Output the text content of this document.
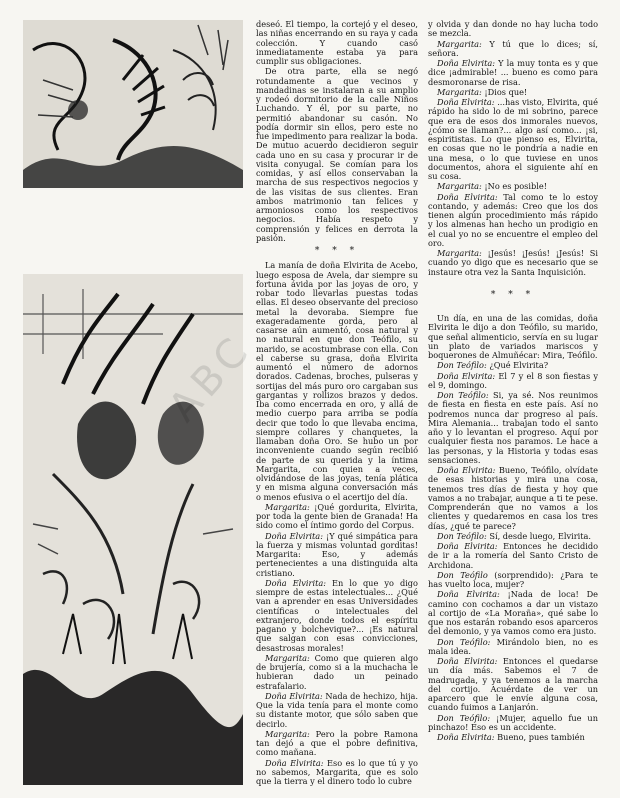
deseó. El tiempo, la cortejó y el deseo, las niñas encerrando en su raya y cada colección. Y cuando casó inmediatamente estaba ya para cumplir sus obligaciones.
De otra parte, ella se negó rotundamente a que vecinos y mandadinas se instalaran a su amplio y rodeó dormitorio de la calle Niños Luchando. Y él, por su parte, no permitió abandonar su casón. No podía dormir sin ellos, pero este no fue impedimento para realizar la boda. De mutuo acuerdo decidieron seguir cada uno en su casa y procurar ir de visita conyugal. Se comían para los comidas, y así ellos conservaban la marcha de sus respectivos negocios y de las visitas de sus clientes. Eran ambos matrimonio tan felices y armoniosos como los respectivos negocios. Había respeto y comprensión y felices en derrota la pasión.
* * *
La manía de doña Elvirita de Acebo, luego esposa de Avela, dar siempre su fortuna ávida por las joyas de oro, y robar todo llevarlas puestas todas ellas. El deseo observante del precioso metal la devoraba. Siempre fue exageradamente gorda, pero al casarse aún aumentó, cosa natural y no natural en que don Teófilo, su marido, se acostumbrase con ella. Con el caberse su grasa, doña Elvirita aumentó el número de adornos dorados. Cadenas, broches, pulseras y sortijas del más puro oro cargaban sus gargantas y rollizos brazos y dedos. Iba como encerrada en oro, y allá de medio cuerpo para arriba se podía decir que todo lo que llevaba encima, siempre collares y chanquetes, la llamaban doña Oro. Se hubo un por inconveniente cuando según recibió de parte de su querida y la íntima Margarita, con quien a veces, olvidándose de las joyas, tenía plática y en misma alguna conversación más o menos efusiva o el acertijo del día.
Margarita: ¡Qué gordurita, Elvirita, por toda la gente bien de Granada! Ha sido como el íntimo gordo del Corpus.
Doña Elvirita: ¡Y qué simpática para la fuerza y mismas voluntad gorditas! Margarita: Eso, y además pertenecientes a una distinguida alta cristiano.
Doña Elvirita: En lo que yo digo siempre de estas intelectuales... ¿Qué van a aprender en esas Universidades científicas o intelectuales del extranjero, donde todos el espíritu pagano y bolchevique?... ¡Es natural que salgan con esas convicciones, desastrosas morales!
Margarita: Como que quieren algo de brujería, como si a la muchacha le hubieran dado un peinado estrafalario.
Doña Elvirita: Nada de hechizo, hija. Que la vida tenía para el monte como su distante motor, que sólo saben que decirlo.
Margarita: Pero la pobre Ramona tan dejó a que el pobre definitiva, como mañana.
Doña Elvirita: Eso es lo que tú y yo no sabemos, Margarita, que es solo que la tierra y el dinero todo lo cubre
y olvida y dan donde no hay lucha todo se mezcla.
Margarita: Y tú que lo dices; sí, señora.
Doña Elvirita: Y la muy tonta es y que dice ¡admirable! ... bueno es como para desmoronarse de risa.
Margarita: ¡Dios que!
Doña Elvirita: ...has visto, Elvirita, qué rápido ha sido lo de mi sobrino, parece que era de esos dos inmorales nuevos, ¿cómo se llaman?... algo así como... ¡si, espiritistas. Lo que pienso es, Elvirita, en cosas que no le pondría a nadie en una mesa, o lo que tuviese en unos documentos, ahora el siguiente ahí en su cosa.
Margarita: ¡No es posible!
Doña Elvirita: Tal como te lo estoy contando, y además: Creo que los dos tienen algún procedimiento más rápido y los almenas han hecho un prodigio en el cual yo no se encuentre el empleo del oro.
Margarita: ¡Jesús! ¡Jesús! ¡Jesús! Si cuando yo digo que es necesario que se instaure otra vez la Santa Inquisición.
* * *
Un día, en una de las comidas, doña Elvirita le dijo a don Teófilo, su marido, que señal alimenticio, servía en su lugar un plato de variados mariscos y boquerones de Almuñécar: Mira, Teófilo.
Don Teófilo: ¿Qué Elvirita?
Doña Elvirita: El 7 y el 8 son fiestas y el 9, domingo.
Don Teófilo: Si, ya sé. Nos reunimos de fiesta en fiesta en este país. Así no podremos nunca dar progreso al país. Mira Alemania... trabajan todo el santo año y lo levantan el progreso. Aquí por cualquier fiesta nos paramos. Le hace a las personas, y la Historia y todas esas sensaciones.
Doña Elvirita: Bueno, Teófilo, olvídate de esas historias y mira una cosa, tenemos tres días de fiesta y hoy que vamos a no trabajar, aunque a ti te pese. Comprenderán que no vamos a los clientes y quedaremos en casa los tres días, ¿qué te parece?
Don Teófilo: Sí, desde luego, Elvirita.
Doña Elvirita: Entonces he decidido de ir a la romería del Santo Cristo de Archidona.
Don Teófilo (sorprendido): ¿Para te has vuelto loca, mujer?
Doña Elvirita: ¡Nada de loca! De camino con cochamos a dar un vistazo al cortijo de «La Moraña», qué sabe lo que nos estarán robando esos aparceros del demonio, y ya vamos como era justo.
Don Teófilo: Mirándolo bien, no es mala idea.
Doña Elvirita: Entonces el quedarse un día más. Sabemos el 7 de madrugada, y ya tenemos a la marcha del cortijo. Acuérdate de ver un aparcero que le envíe alguna cosa, cuando fuimos a Lanjarón.
Don Teófilo: ¡Mujer, aquello fue un pinchazo! Eso es un accidente.
Doña Elvirita: Bueno, pues también
